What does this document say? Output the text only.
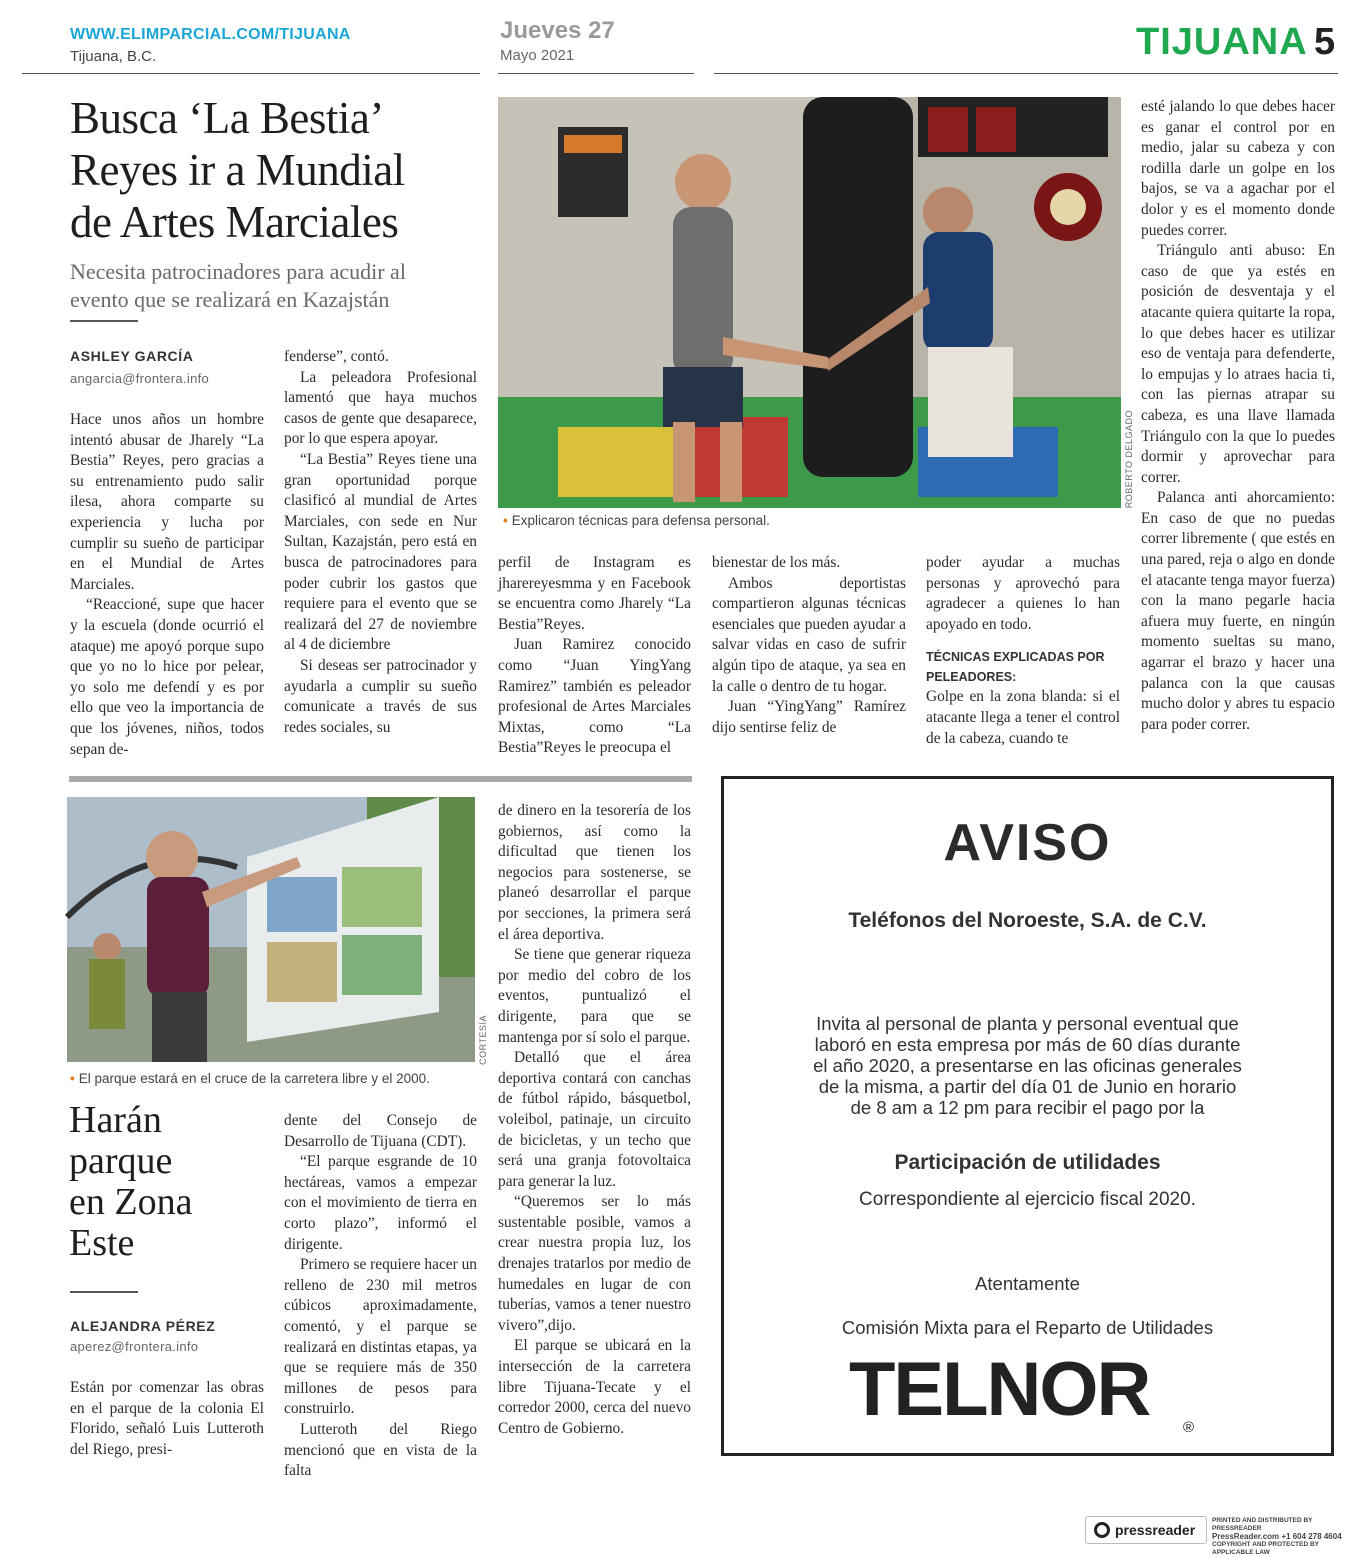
WWW.ELIMPARCIAL.COM/TIJUANA
Tijuana, B.C.
Jueves 27
Mayo 2021	TIJUANA 5
Busca ‘La Bestia’
Reyes ir a Mundial
de Artes Marciales
Necesita patrocinadores para acudir al
evento que se realizará en Kazajstán
ASHLEY GARCÍA
angarcia@frontera.info

Hace unos años un hombre intentó abusar de Jharely “La Bestia” Reyes, pero gracias a su entrenamiento pudo salir ilesa, ahora comparte su experiencia y lucha por cumplir su sueño de participar en el Mundial de Artes Marciales.

“Reaccioné, supe que hacer y la escuela (donde ocurrió el ataque) me apoyó porque supo que yo no lo hice por pelear, yo solo me defendí y es por ello que veo la importancia de que los jóvenes, niños, todos sepan de-

fenderse”, contó.

La peleadora Profesional lamentó que haya muchos casos de gente que desaparece, por lo que espera apoyar.

“La Bestia” Reyes tiene una gran oportunidad porque clasificó al mundial de Artes Marciales, con sede en Nur Sultan, Kazajstán, pero está en busca de patrocinadores para poder cubrir los gastos que requiere para el evento que se realizará del 27 de noviembre al 4 de diciembre

Si deseas ser patrocinador y ayudarla a cumplir su sueño comunicate a través de sus redes sociales, su

ROBERTO DELGADO
• Explicaron técnicas para defensa personal.

perfil de Instagram es jharereyesmma y en Facebook se encuentra como Jharely “La Bestia”Reyes.

Juan Ramirez conocido como “Juan YingYang Ramirez” también es peleador profesional de Artes Marciales Mixtas, como “La Bestia”Reyes le preocupa el

bienestar de los más.

Ambos deportistas compartieron algunas técnicas esenciales que pueden ayudar a salvar vidas en caso de sufrir algún tipo de ataque, ya sea en la calle o dentro de tu hogar.

Juan “YingYang” Ramírez dijo sentirse feliz de

poder ayudar a muchas personas y aprovechó para agradecer a quienes lo han apoyado en todo.

TÉCNICAS EXPLICADAS POR PELEADORES:

Golpe en la zona blanda: si el atacante llega a tener el control de la cabeza, cuando te

esté jalando lo que debes hacer es ganar el control por en medio, jalar su cabeza y con rodilla darle un golpe en los bajos, se va a agachar por el dolor y es el momento donde puedes correr.

Triángulo anti abuso: En caso de que ya estés en posición de desventaja y el atacante quiera quitarte la ropa, lo que debes hacer es utilizar eso de ventaja para defenderte, lo empujas y lo atraes hacia ti, con las piernas atrapar su cabeza, es una llave llamada Triángulo con la que lo puedes dormir y aprovechar para correr.

Palanca anti ahorcamiento: En caso de que no puedas correr libremente ( que estés en una pared, reja o algo en donde el atacante tenga mayor fuerza) con la mano pegarle hacia afuera muy fuerte, en ningún momento sueltas su mano, agarrar el brazo y hacer una palanca con la que causas mucho dolor y abres tu espacio para poder correr.

CORTESÍA
• El parque estará en el cruce de la carretera libre y el 2000.
Harán
parque
en Zona
Este
ALEJANDRA PÉREZ
aperez@frontera.info

Están por comenzar las obras en el parque de la colonia El Florido, señaló Luis Lutteroth del Riego, presi-

dente del Consejo de Desarrollo de Tijuana (CDT).

“El parque esgrande de 10 hectáreas, vamos a empezar con el movimiento de tierra en corto plazo”, informó el dirigente.

Primero se requiere hacer un relleno de 230 mil metros cúbicos aproximadamente, comentó, y el parque se realizará en distintas etapas, ya que se requiere más de 350 millones de pesos para construirlo.

Lutteroth del Riego mencionó que en vista de la falta

de dinero en la tesorería de los gobiernos, así como la dificultad que tienen los negocios para sostenerse, se planeó desarrollar el parque por secciones, la primera será el área deportiva.

Se tiene que generar riqueza por medio del cobro de los eventos, puntualizó el dirigente, para que se mantenga por sí solo el parque.

Detalló que el área deportiva contará con canchas de fútbol rápido, básquetbol, voleibol, patinaje, un circuito de bicicletas, y un techo que será una granja fotovoltaica para generar la luz.

“Queremos ser lo más sustentable posible, vamos a crear nuestra propia luz, los drenajes tratarlos por medio de humedales en lugar de con tuberías, vamos a tener nuestro vivero”,dijo.

El parque se ubicará en la intersección de la carretera libre Tijuana-Tecate y el corredor 2000, cerca del nuevo Centro de Gobierno.

AVISO
Teléfonos del Noroeste, S.A. de C.V.
Invita al personal de planta y personal eventual que
laboró en esta empresa por más de 60 días durante
el año 2020, a presentarse en las oficinas generales
de la misma, a partir del día 01 de Junio en horario
de 8 am a 12 pm para recibir el pago por la
Participación de utilidades
Correspondiente al ejercicio fiscal 2020.
Atentamente
Comisión Mixta para el Reparto de Utilidades
TELNOR ®
pressreader
PRINTED AND DISTRIBUTED BY PRESSREADER
PressReader.com +1 604 278 4604
COPYRIGHT AND PROTECTED BY APPLICABLE LAW
